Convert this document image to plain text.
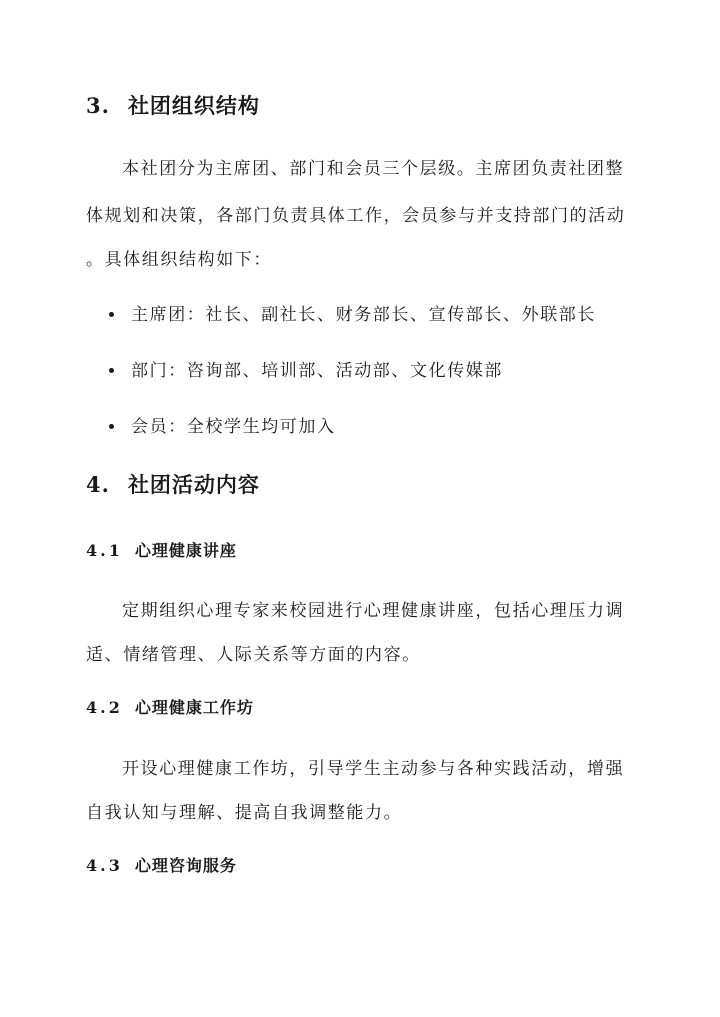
3. 社团组织结构
本社团分为主席团、部门和会员三个层级。主席团负责社团整
体规划和决策，各部门负责具体工作，会员参与并支持部门的活动
。具体组织结构如下：
主席团：社长、副社长、财务部长、宣传部长、外联部长
部门：咨询部、培训部、活动部、文化传媒部
会员：全校学生均可加入
4. 社团活动内容
4.1 心理健康讲座
定期组织心理专家来校园进行心理健康讲座，包括心理压力调
适、情绪管理、人际关系等方面的内容。
4.2 心理健康工作坊
开设心理健康工作坊，引导学生主动参与各种实践活动，增强
自我认知与理解、提高自我调整能力。
4.3 心理咨询服务
